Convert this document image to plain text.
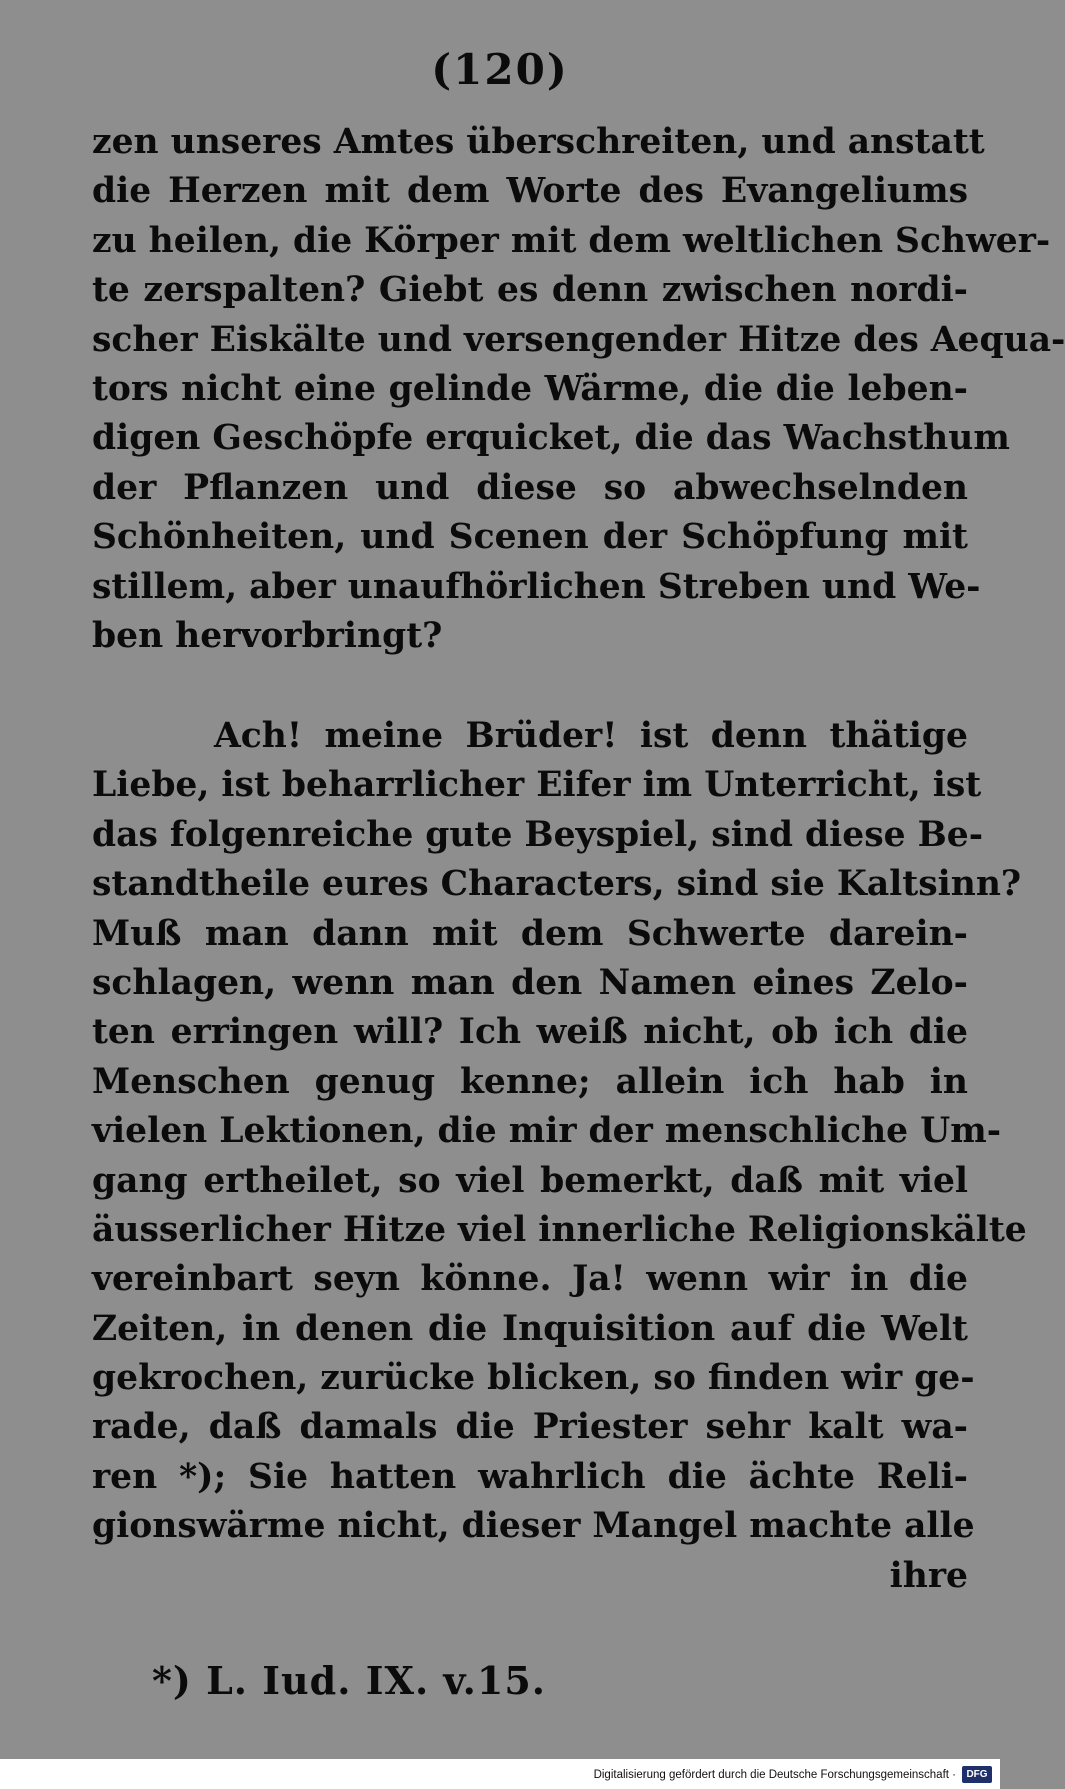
(120)
zen unseres Amtes überschreiten, und anstatt
die Herzen mit dem Worte des Evangeliums
zu heilen, die Körper mit dem weltlichen Schwer-
te zerspalten? Giebt es denn zwischen nordi-
scher Eiskälte und versengender Hitze des Aequa-
tors nicht eine gelinde Wärme, die die leben-
digen Geschöpfe erquicket, die das Wachsthum
der Pflanzen und diese so abwechselnden
Schönheiten, und Scenen der Schöpfung mit
stillem, aber unaufhörlichen Streben und We-
ben hervorbringt?
Ach! meine Brüder! ist denn thätige
Liebe, ist beharrlicher Eifer im Unterricht, ist
das folgenreiche gute Beyspiel, sind diese Be-
standtheile eures Characters, sind sie Kaltsinn?
Muß man dann mit dem Schwerte darein-
schlagen, wenn man den Namen eines Zelo-
ten erringen will? Ich weiß nicht, ob ich die
Menschen genug kenne; allein ich hab in
vielen Lektionen, die mir der menschliche Um-
gang ertheilet, so viel bemerkt, daß mit viel
äusserlicher Hitze viel innerliche Religionskälte
vereinbart seyn könne. Ja! wenn wir in die
Zeiten, in denen die Inquisition auf die Welt
gekrochen, zurücke blicken, so finden wir ge-
rade, daß damals die Priester sehr kalt wa-
ren *); Sie hatten wahrlich die ächte Reli-
gionswärme nicht, dieser Mangel machte alle
ihre
*) L. Iud. IX. v.15.
Digitalisierung gefördert durch die Deutsche Forschungsgemeinschaft ·	DFG
